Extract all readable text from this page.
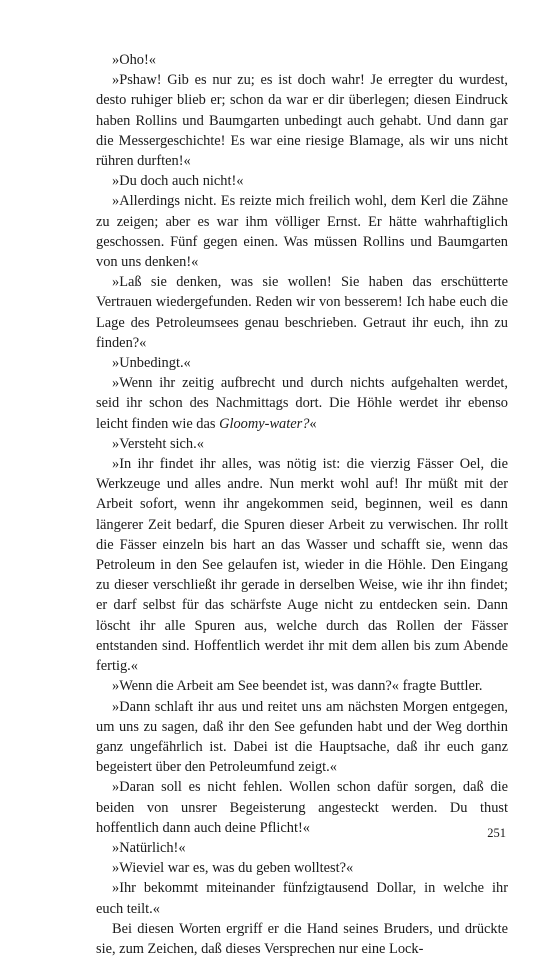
»Oho!«

»Pshaw! Gib es nur zu; es ist doch wahr! Je erregter du wurdest, desto ruhiger blieb er; schon da war er dir überlegen; diesen Eindruck haben Rollins und Baumgarten unbedingt auch gehabt. Und dann gar die Messergeschichte! Es war eine riesige Blamage, als wir uns nicht rühren durften!«

»Du doch auch nicht!«

»Allerdings nicht. Es reizte mich freilich wohl, dem Kerl die Zähne zu zeigen; aber es war ihm völliger Ernst. Er hätte wahrhaftiglich geschossen. Fünf gegen einen. Was müssen Rollins und Baumgarten von uns denken!«

»Laß sie denken, was sie wollen! Sie haben das erschütterte Vertrauen wiedergefunden. Reden wir von besserem! Ich habe euch die Lage des Petroleumsees genau beschrieben. Getraut ihr euch, ihn zu finden?«

»Unbedingt.«

»Wenn ihr zeitig aufbrecht und durch nichts aufgehalten werdet, seid ihr schon des Nachmittags dort. Die Höhle werdet ihr ebenso leicht finden wie das Gloomy-water?«

»Versteht sich.«

»In ihr findet ihr alles, was nötig ist: die vierzig Fässer Oel, die Werkzeuge und alles andre. Nun merkt wohl auf! Ihr müßt mit der Arbeit sofort, wenn ihr angekommen seid, beginnen, weil es dann längerer Zeit bedarf, die Spuren dieser Arbeit zu verwischen. Ihr rollt die Fässer einzeln bis hart an das Wasser und schafft sie, wenn das Petroleum in den See gelaufen ist, wieder in die Höhle. Den Eingang zu dieser verschließt ihr gerade in derselben Weise, wie ihr ihn findet; er darf selbst für das schärfste Auge nicht zu entdecken sein. Dann löscht ihr alle Spuren aus, welche durch das Rollen der Fässer entstanden sind. Hoffentlich werdet ihr mit dem allen bis zum Abende fertig.«

»Wenn die Arbeit am See beendet ist, was dann?« fragte Buttler.

»Dann schlaft ihr aus und reitet uns am nächsten Morgen entgegen, um uns zu sagen, daß ihr den See gefunden habt und der Weg dorthin ganz ungefährlich ist. Dabei ist die Hauptsache, daß ihr euch ganz begeistert über den Petroleumfund zeigt.«

»Daran soll es nicht fehlen. Wollen schon dafür sorgen, daß die beiden von unsrer Begeisterung angesteckt werden. Du thust hoffentlich dann auch deine Pflicht!«

»Natürlich!«

»Wieviel war es, was du geben wolltest?«

»Ihr bekommt miteinander fünfzigtausend Dollar, in welche ihr euch teilt.«

Bei diesen Worten ergriff er die Hand seines Bruders, und drückte sie, zum Zeichen, daß dieses Versprechen nur eine Lock-

251
